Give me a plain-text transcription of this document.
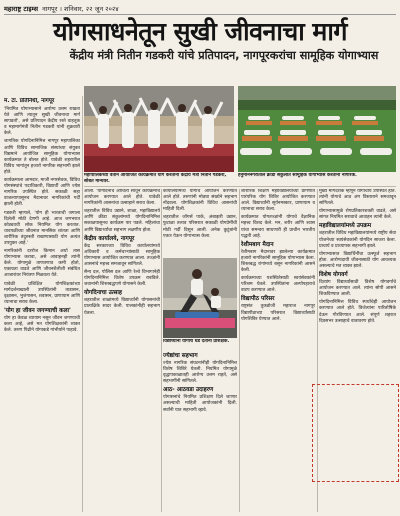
महाराष्ट्र टाइम्स नागपूर । शनिवार, २२ जून २०२४
योगसाधनेतून सुखी जीवनाचा मार्ग
केंद्रीय मंत्री नितीन गडकरी यांचे प्रतिपादन, नागपूरकरांचा सामूहिक योगाभ्यास
म. टा. प्रतिनिधी, नागपूर

'नियमित योगाभ्यासाने आरोग्य उत्तम राखता येते आणि त्यातून सुखी जीवनाचा मार्ग सापडतो', असे प्रतिपादन केंद्रीय रस्ते वाहतूक व महामार्गमंत्री नितीन गडकरी यांनी शुक्रवारी केले.

जागतिक योगदिनानिमित्त नागपूर महापालिका आणि विविध सामाजिक संस्थांच्या संयुक्त विद्यमाने आयोजित सामूहिक योगाभ्यास कार्यक्रमात ते बोलत होते. यावेळी शहरातील विविध भागांतून हजारो नागरिक सहभागी झाले होते.

कार्यक्रमाला आमदार, माजी नगरसेवक, विविध योगसंस्थांचे पदाधिकारी, विद्यार्थी आणि ज्येष्ठ नागरिक उपस्थित होते. सकाळी सहा वाजल्यापासूनच मैदानावर नागरिकांची गर्दी झाली होती.

गडकरी म्हणाले, 'योग ही भारताची जगाला दिलेली मोठी देणगी आहे. आज जगभरात कोट्यवधी लोक नियमित योग करतात. धावपळीच्या जीवनात मानसिक शांतता आणि शारीरिक तंदुरुस्ती राखण्यासाठी योग अत्यंत उपयुक्त आहे.'

नागरिकांनी दररोज किमान अर्धा तास योगाभ्यास करावा, असे आवाहनही त्यांनी केले. योगामुळे ताणतणाव कमी होतो, एकाग्रता वाढते आणि जीवनशैलीशी संबंधित आजारांवर नियंत्रण मिळवता येते.

यावेळी प्रशिक्षित योगशिक्षकांच्या मार्गदर्शनाखाली उपस्थितांनी ताडासन, वृक्षासन, भुजंगासन, शवासन, प्राणायाम आणि ध्यानाचा सराव केला.

'योग हा जीवन जगण्याची कला'

योग हा केवळ व्यायाम नसून जीवन जगण्याची कला आहे, असे मत योगशिक्षकांनी व्यक्त केले. तरुण पिढीने योगाकडे गांभीर्याने पाहावे.

महापालिकेच्या वतीने आयोजित कार्यक्रमात योग करताना केंद्रीय मंत्री नितीन गडकरी, सोबत मान्यवर.
हनुमाननगरातील क्रीडा संकुलात सामूहिक योगाभ्यास करताना नागरिक.

आली. 'योगदिनाचे औचित्य साधून कार्यक्रमाचे आयोजन करण्यात आले होते. यावेळी नागरिकांनी आसनांचा उत्साहाने सराव केला.

शहरातील विविध उद्याने, शाळा, महाविद्यालये आणि क्रीडा संकुलांमध्ये योगदिनानिमित्त सकाळपासूनच कार्यक्रम पार पडले. महिलांचा आणि विद्यार्थ्यांचा सहभाग लक्षणीय होता.

केंद्रीय कार्यालये, नागपूर

केंद्र सरकारच्या विविध कार्यालयांमध्ये अधिकारी व कर्मचाऱ्यांसाठी सामूहिक योगाभ्यास आयोजित करण्यात आला. तज्ज्ञांनी आसनांचे महत्त्व समजावून सांगितले.

सैन्य दल, पोलिस दल आणि रेल्वे विभागानेही योगदिनानिमित्त विशेष उपक्रम राबविले. जवानांनी शिस्तबद्धपणे योगासने केली.

योगदिनाचा उत्साह

शहरातील शाळांमध्ये विद्यार्थ्यांनी योगासनांची प्रात्यक्षिके सादर केली. पालकांनीही सहभाग घेतला.

कार्यालयामध्ये योगाचे आयोजन करण्यात आले होते. तरुणांनी मोठ्या संख्येने सहभाग नोंदवला. योगशिक्षकांनी विविध आसनांची माहिती दिली.

शहरातील जॉगर्स पार्क, अंबाझरी उद्यान, फुटाळा तलाव परिसरात सकाळी योगप्रेमींची मोठी गर्दी दिसून आली. अनेक कुटुंबांनी एकत्र येऊन योगाभ्यास केला.

विद्यार्थ्यांना योगाचे धडे देताना प्रशिक्षक.
ज्येष्ठांचा सहभाग

ज्येष्ठ नागरिक संघटनांनीही योगदिनानिमित्त विशेष शिबिरे घेतली. नियमित योगामुळे वृद्धापकाळातही आरोग्य उत्तम राहते, असे सहभागींनी सांगितले.

आठ- आठवडा उदाहरण

योगासनांचे नियमित प्रशिक्षण दिले जाणार असल्याची माहिती आयोजकांनी दिली. सर्वांनी यात सहभागी व्हावे.

शारीरिक शिक्षण महाविद्यालयाच्या प्रांगणात पारंपरिक योग शिबिर आयोजित करण्यात आले. विद्यार्थ्यांनी सूर्यनमस्कार, प्राणायाम व ध्यानाचा सराव केला.

कार्यक्रमात योगतज्ज्ञांनी योगाचे वैज्ञानिक महत्त्व विशद केले. मन, शरीर आणि श्वास यांचा समन्वय साधणारी ही प्राचीन भारतीय पद्धती आहे.

रेशीमबाग मैदान

रेशीमबाग मैदानावर झालेल्या कार्यक्रमात हजारो नागरिकांनी सामूहिक योगाभ्यास केला. शिस्तबद्ध रांगांमध्ये बसून नागरिकांनी आसने केली.

कार्यक्रमाच्या यशस्वितेसाठी स्वयंसेवकांनी परिश्रम घेतले. उपस्थितांना अल्पोपहाराचे वाटप करण्यात आले.

विद्यापीठ परिसर

राष्ट्रसंत तुकडोजी महाराज नागपूर विद्यापीठाच्या परिसरात विद्यार्थ्यांसाठी योगशिबिर घेण्यात आले.

मुख्य मार्गदर्शक म्हणून योगाचार्य उपस्थित होते. त्यांनी योगाचे आठ अंग विस्ताराने समजावून सांगितले.

योगाभ्यासामुळे रोगप्रतिकारशक्ती वाढते, असे सांगत नियमित सरावाचे आवाहन त्यांनी केले.

महाविद्यालयांमध्ये उपक्रम

शहरातील विविध महाविद्यालयांमध्ये राष्ट्रीय सेवा योजनेच्या स्वयंसेवकांनी योगदिन साजरा केला. प्राचार्य व प्राध्यापक सहभागी झाले.

योगाभ्यासात विद्यार्थिनींचा उत्स्फूर्त सहभाग होता. आरोग्यदायी जीवनासाठी योग आवश्यक असल्याचे मत व्यक्त झाले.

विशेष योगवर्ग

दिव्यांग विद्यार्थ्यांसाठी विशेष योगवर्गाचे आयोजन करण्यात आले. त्यांना सोपी आसने शिकविण्यात आली.

योगदिनानिमित्त विविध स्पर्धांचेही आयोजन करण्यात आले होते. विजेत्यांना पारितोषिके देऊन गौरविण्यात आले. संपूर्ण शहरात दिवसभर उत्साहाचे वातावरण होते.
